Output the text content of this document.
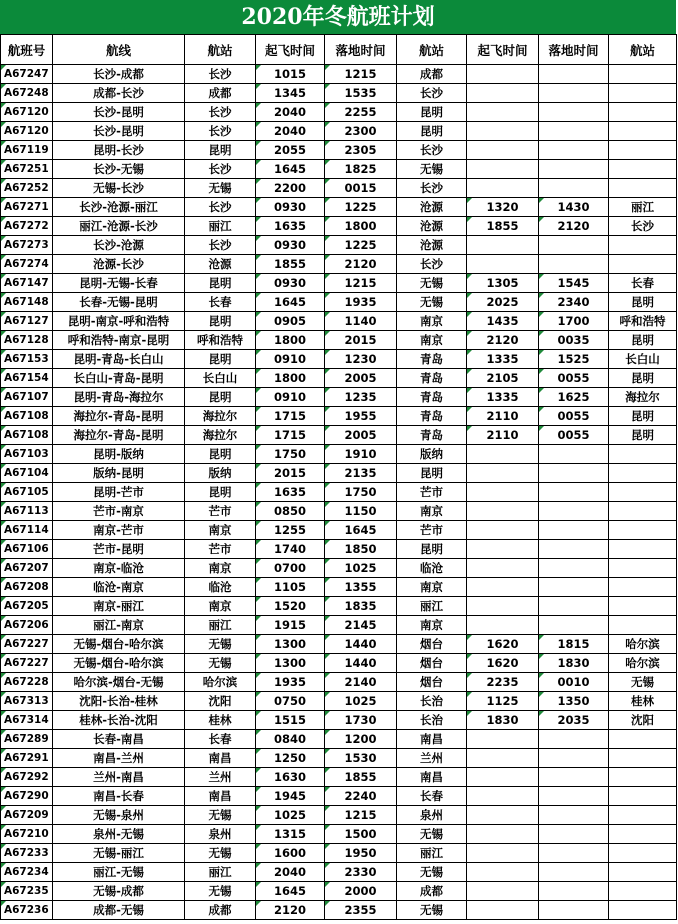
2020年冬航班计划
航班号	航线	航站	起飞时间	落地时间	航站	起飞时间	落地时间	航站
A67247	长沙-成都	长沙	1015	1215	成都			
A67248	成都-长沙	成都	1345	1535	长沙			
A67120	长沙-昆明	长沙	2040	2255	昆明			
A67120	长沙-昆明	长沙	2040	2300	昆明			
A67119	昆明-长沙	昆明	2055	2305	长沙			
A67251	长沙-无锡	长沙	1645	1825	无锡			
A67252	无锡-长沙	无锡	2200	0015	长沙			
A67271	长沙-沧源-丽江	长沙	0930	1225	沧源	1320	1430	丽江
A67272	丽江-沧源-长沙	丽江	1635	1800	沧源	1855	2120	长沙
A67273	长沙-沧源	长沙	0930	1225	沧源			
A67274	沧源-长沙	沧源	1855	2120	长沙			
A67147	昆明-无锡-长春	昆明	0930	1215	无锡	1305	1545	长春
A67148	长春-无锡-昆明	长春	1645	1935	无锡	2025	2340	昆明
A67127	昆明-南京-呼和浩特	昆明	0905	1140	南京	1435	1700	呼和浩特
A67128	呼和浩特-南京-昆明	呼和浩特	1800	2015	南京	2120	0035	昆明
A67153	昆明-青岛-长白山	昆明	0910	1230	青岛	1335	1525	长白山
A67154	长白山-青岛-昆明	长白山	1800	2005	青岛	2105	0055	昆明
A67107	昆明-青岛-海拉尔	昆明	0910	1235	青岛	1335	1625	海拉尔
A67108	海拉尔-青岛-昆明	海拉尔	1715	1955	青岛	2110	0055	昆明
A67108	海拉尔-青岛-昆明	海拉尔	1715	2005	青岛	2110	0055	昆明
A67103	昆明-版纳	昆明	1750	1910	版纳			
A67104	版纳-昆明	版纳	2015	2135	昆明			
A67105	昆明-芒市	昆明	1635	1750	芒市			
A67113	芒市-南京	芒市	0850	1150	南京			
A67114	南京-芒市	南京	1255	1645	芒市			
A67106	芒市-昆明	芒市	1740	1850	昆明			
A67207	南京-临沧	南京	0700	1025	临沧			
A67208	临沧-南京	临沧	1105	1355	南京			
A67205	南京-丽江	南京	1520	1835	丽江			
A67206	丽江-南京	丽江	1915	2145	南京			
A67227	无锡-烟台-哈尔滨	无锡	1300	1440	烟台	1620	1815	哈尔滨
A67227	无锡-烟台-哈尔滨	无锡	1300	1440	烟台	1620	1830	哈尔滨
A67228	哈尔滨-烟台-无锡	哈尔滨	1935	2140	烟台	2235	0010	无锡
A67313	沈阳-长治-桂林	沈阳	0750	1025	长治	1125	1350	桂林
A67314	桂林-长治-沈阳	桂林	1515	1730	长治	1830	2035	沈阳
A67289	长春-南昌	长春	0840	1200	南昌			
A67291	南昌-兰州	南昌	1250	1530	兰州			
A67292	兰州-南昌	兰州	1630	1855	南昌			
A67290	南昌-长春	南昌	1945	2240	长春			
A67209	无锡-泉州	无锡	1025	1215	泉州			
A67210	泉州-无锡	泉州	1315	1500	无锡			
A67233	无锡-丽江	无锡	1600	1950	丽江			
A67234	丽江-无锡	丽江	2040	2330	无锡			
A67235	无锡-成都	无锡	1645	2000	成都			
A67236	成都-无锡	成都	2120	2355	无锡			
